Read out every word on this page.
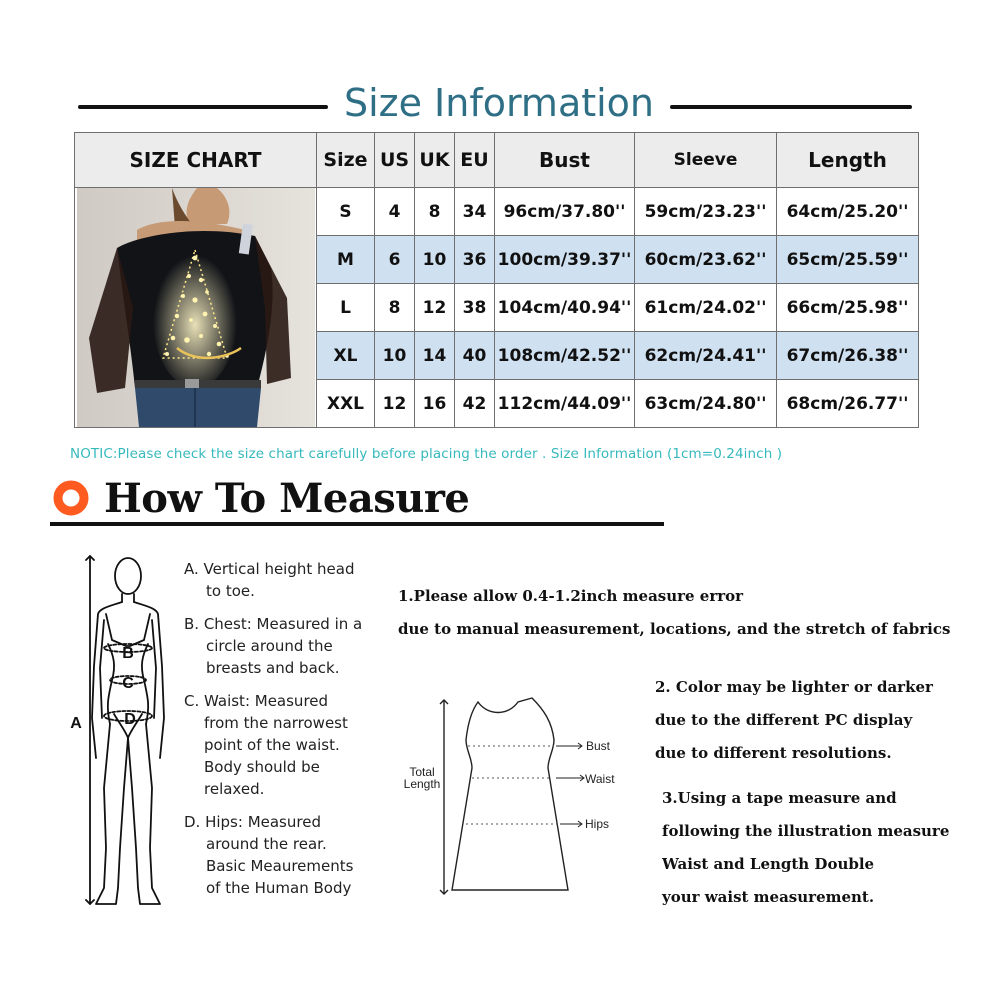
Size Information
SIZE CHART	Size	US	UK	EU	Bust	Sleeve	Length

	S	4	8	34	96cm/37.80''	59cm/23.23''	64cm/25.20''
	M	6	10	36	100cm/39.37''	60cm/23.62''	65cm/25.59''
	L	8	12	38	104cm/40.94''	61cm/24.02''	66cm/25.98''
	XL	10	14	40	108cm/42.52''	62cm/24.41''	67cm/26.38''
	XXL	12	16	42	112cm/44.09''	63cm/24.80''	68cm/26.77''
NOTIC:Please check the size chart carefully before placing the order . Size Information (1cm=0.24inch )
How To Measure
B
C
D
A
A. Vertical height head
to toe.
B. Chest: Measured in a
circle around the
breasts and back.
C. Waist: Measured
from the narrowest
point of the waist.
Body should be
relaxed.
D. Hips: Measured
around the rear.
Basic Meaurements
of the Human Body
1.Please allow 0.4-1.2inch measure error
due to manual measurement, locations, and the stretch of fabrics
2. Color may be lighter or darker
due to the different PC display
due to different resolutions.
3.Using a tape measure and
following the illustration measure
Waist and Length Double
your waist measurement.
Bust
Waist
Hips
Total
Length
